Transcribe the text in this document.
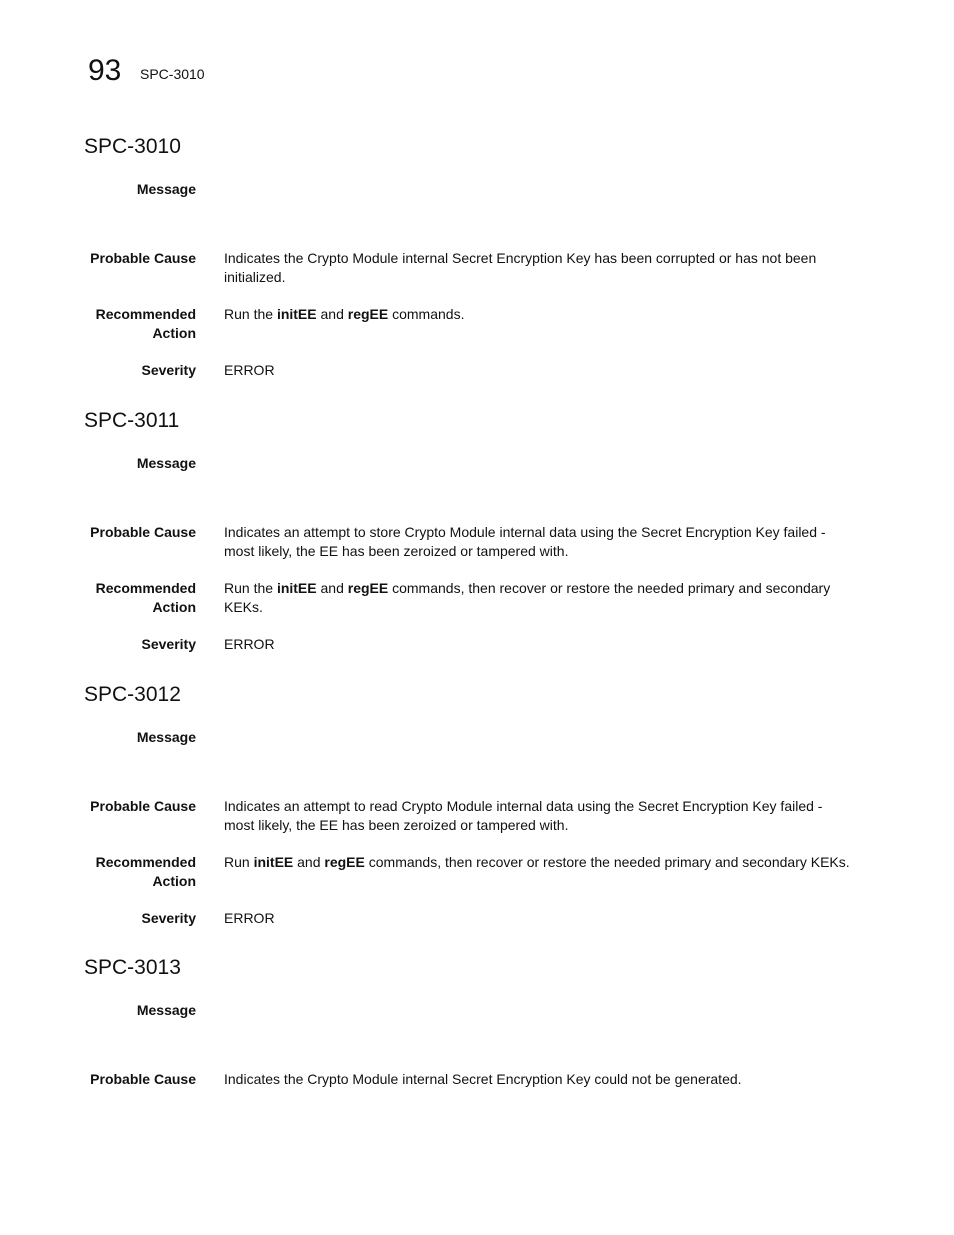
93 SPC-3010
SPC-3010
Message
Probable Cause Indicates the Crypto Module internal Secret Encryption Key has been corrupted or has not been
initialized.
Recommended
Action
Run the initEE and regEE commands.
Severity ERROR
SPC-3011
Message
Probable Cause Indicates an attempt to store Crypto Module internal data using the Secret Encryption Key failed -
most likely, the EE has been zeroized or tampered with.
Recommended
Action
Run the initEE and regEE commands, then recover or restore the needed primary and secondary
KEKs.
Severity ERROR
SPC-3012
Message
Probable Cause Indicates an attempt to read Crypto Module internal data using the Secret Encryption Key failed -
most likely, the EE has been zeroized or tampered with.
Recommended
Action
Run initEE and regEE commands, then recover or restore the needed primary and secondary KEKs.
Severity ERROR
SPC-3013
Message
Probable Cause Indicates the Crypto Module internal Secret Encryption Key could not be generated.
